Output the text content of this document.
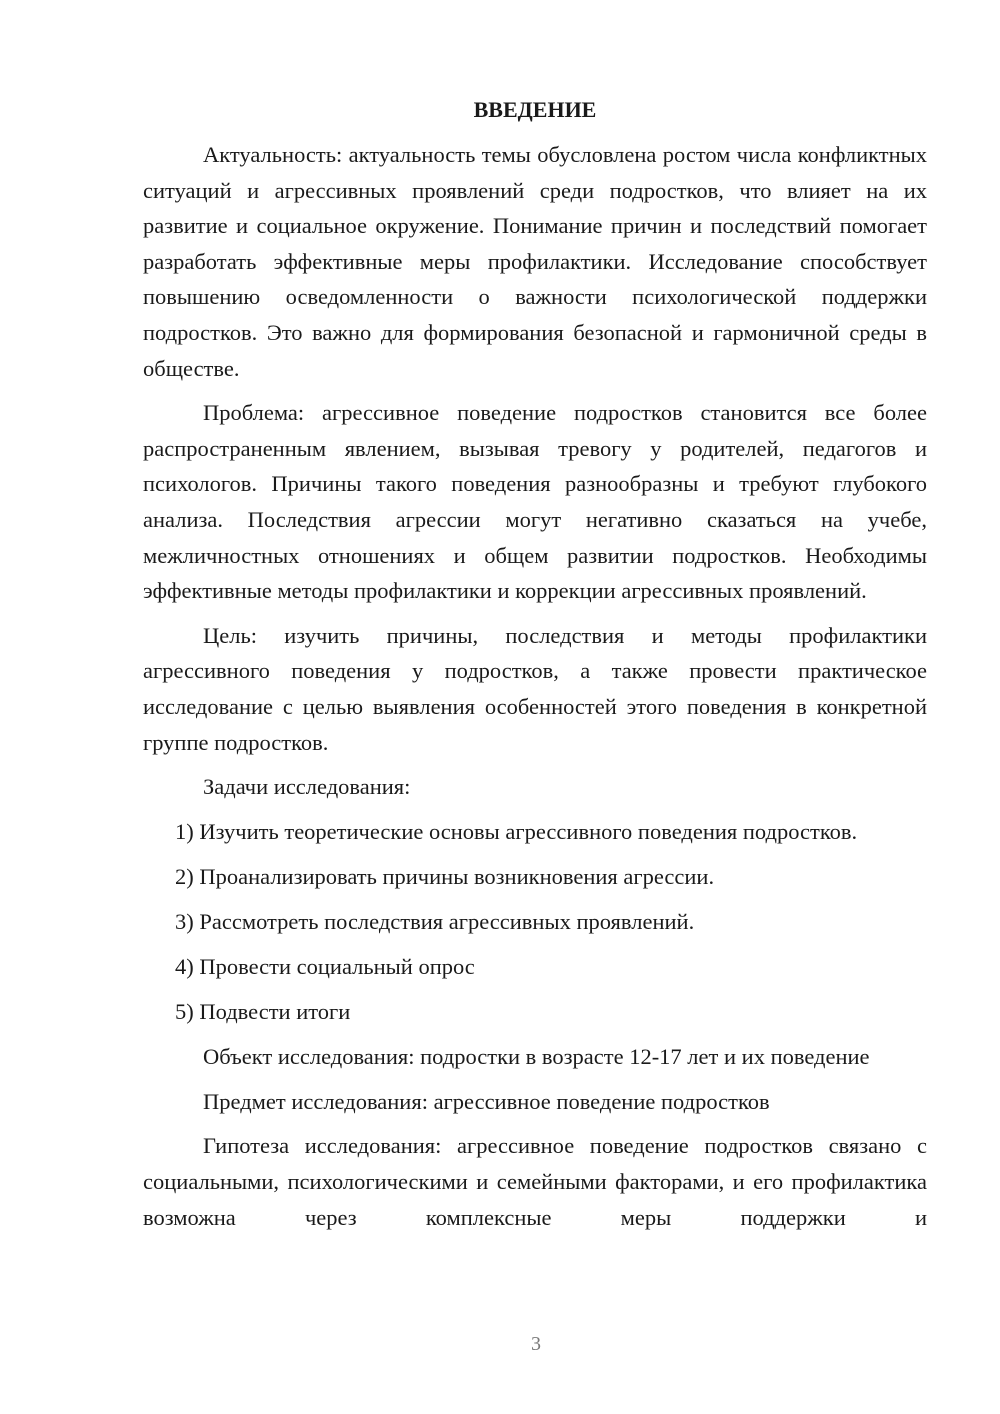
ВВЕДЕНИЕ

Актуальность: актуальность темы обусловлена ростом числа конфликтных ситуаций и агрессивных проявлений среди подростков, что влияет на их развитие и социальное окружение. Понимание причин и последствий помогает разработать эффективные меры профилактики. Исследование способствует повышению осведомленности о важности психологической поддержки подростков. Это важно для формирования безопасной и гармоничной среды в обществе.

Проблема: агрессивное поведение подростков становится все более распространенным явлением, вызывая тревогу у родителей, педагогов и психологов. Причины такого поведения разнообразны и требуют глубокого анализа. Последствия агрессии могут негативно сказаться на учебе, межличностных отношениях и общем развитии подростков. Необходимы эффективные методы профилактики и коррекции агрессивных проявлений.

Цель: изучить причины, последствия и методы профилактики агрессивного поведения у подростков, а также провести практическое исследование с целью выявления особенностей этого поведения в конкретной группе подростков.

Задачи исследования:

1) Изучить теоретические основы агрессивного поведения подростков.
2) Проанализировать причины возникновения агрессии.
3) Рассмотреть последствия агрессивных проявлений.
4) Провести социальный опрос
5) Подвести итоги

Объект исследования: подростки в возрасте 12-17 лет и их поведение

Предмет исследования: агрессивное поведение подростков

Гипотеза исследования: агрессивное поведение подростков связано с социальными, психологическими и семейными факторами, и его профилактика возможна через комплексные меры поддержки и

3
